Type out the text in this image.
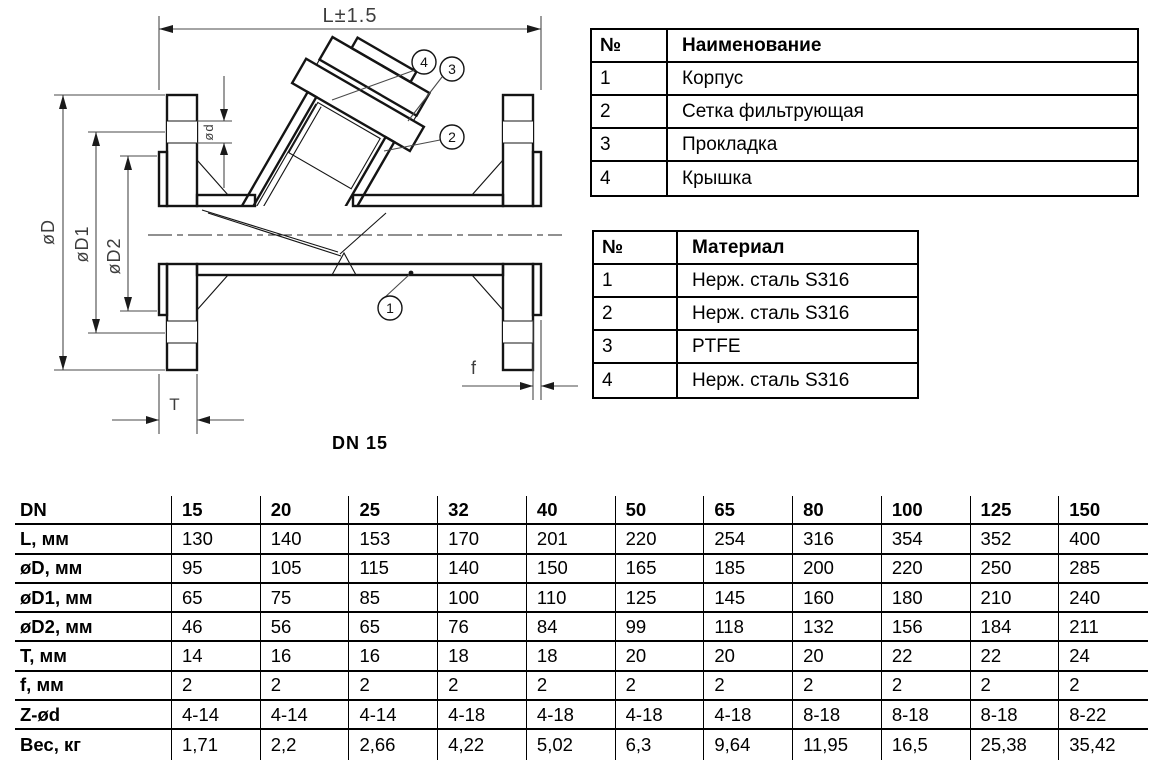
L±1.5
øD øD1 øD2
ød
T
f
1
2
3
4
DN 15
№	Наименование
1	Корпус
2	Сетка фильтрующая
3	Прокладка
4	Крышка
№	Материал
1	Нерж. сталь S316
2	Нерж. сталь S316
3	PTFE
4	Нерж. сталь S316
DN	15	20	25	32	40	50	65	80	100	125	150
L, мм	130	140	153	170	201	220	254	316	354	352	400
øD, мм	95	105	115	140	150	165	185	200	220	250	285
øD1, мм	65	75	85	100	110	125	145	160	180	210	240
øD2, мм	46	56	65	76	84	99	118	132	156	184	211
T, мм	14	16	16	18	18	20	20	20	22	22	24
f, мм	2	2	2	2	2	2	2	2	2	2	2
Z-ød	4-14	4-14	4-14	4-18	4-18	4-18	4-18	8-18	8-18	8-18	8-22
Вес, кг	1,71	2,2	2,66	4,22	5,02	6,3	9,64	11,95	16,5	25,38	35,42
